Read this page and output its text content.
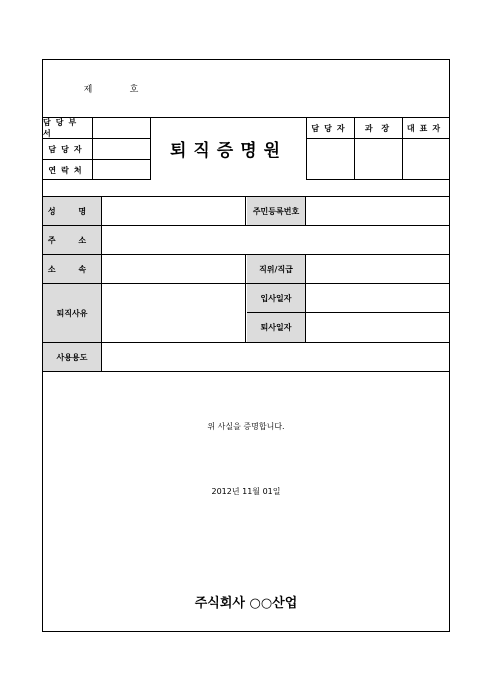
제	호
담당부서
담당자
연락처
퇴직증명원
담당자	과 장	대표자
성 명	주민등록번호
주 소
소 속	직위/직급
퇴직사유
입사일자
퇴사일자
사용용도
위 사실을 증명합니다.
2012년 11월 01일
주식회사 ○○산업
